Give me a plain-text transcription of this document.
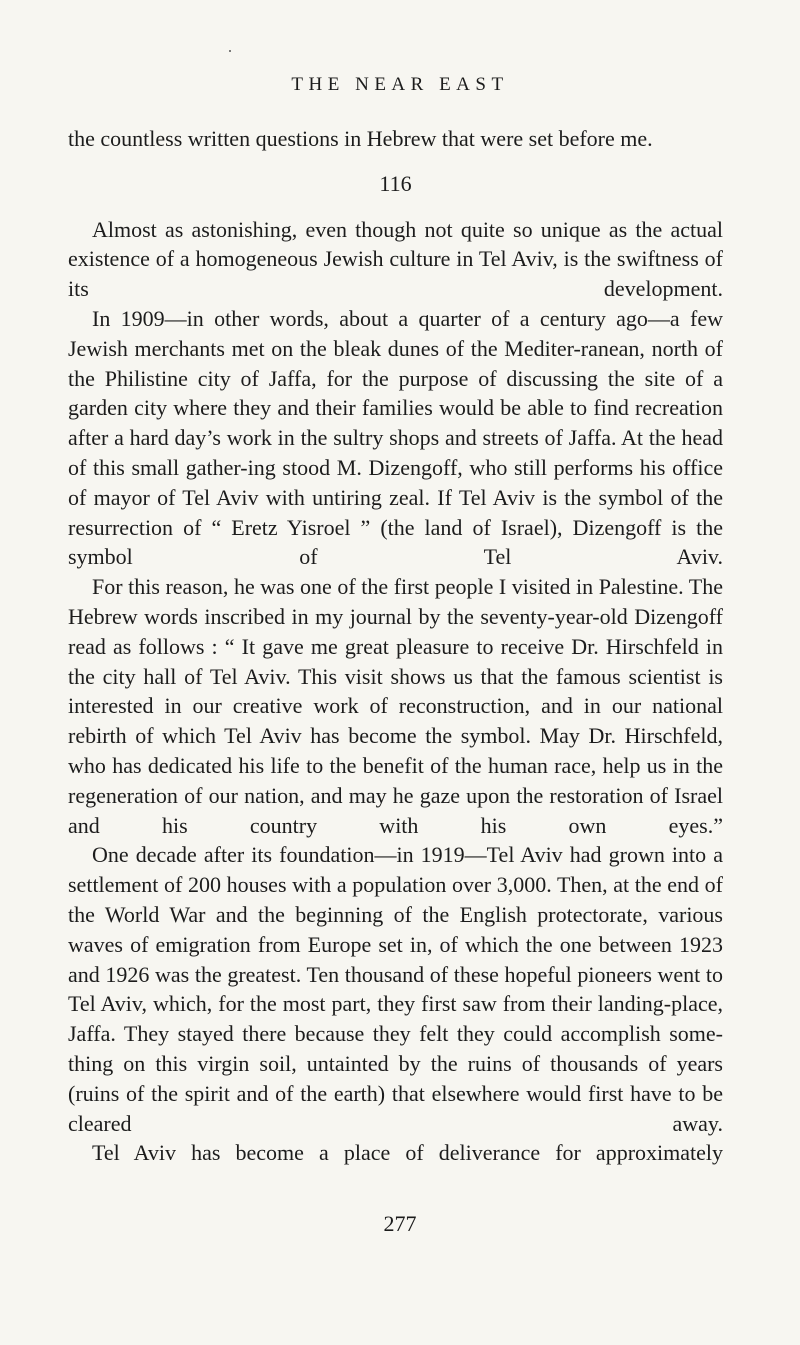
THE NEAR EAST

the countless written questions in Hebrew that were set before me.

116

Almost as astonishing, even though not quite so unique as the actual existence of a homogeneous Jewish culture in Tel Aviv, is the swiftness of its development.

In 1909—in other words, about a quarter of a century ago—a few Jewish merchants met on the bleak dunes of the Mediter-ranean, north of the Philistine city of Jaffa, for the purpose of discussing the site of a garden city where they and their families would be able to find recreation after a hard day’s work in the sultry shops and streets of Jaffa. At the head of this small gather-ing stood M. Dizengoff, who still performs his office of mayor of Tel Aviv with untiring zeal. If Tel Aviv is the symbol of the resurrection of “ Eretz Yisroel ” (the land of Israel), Dizengoff is the symbol of Tel Aviv.

For this reason, he was one of the first people I visited in Palestine. The Hebrew words inscribed in my journal by the seventy-year-old Dizengoff read as follows : “ It gave me great pleasure to receive Dr. Hirschfeld in the city hall of Tel Aviv. This visit shows us that the famous scientist is interested in our creative work of reconstruction, and in our national rebirth of which Tel Aviv has become the symbol. May Dr. Hirschfeld, who has dedicated his life to the benefit of the human race, help us in the regeneration of our nation, and may he gaze upon the restoration of Israel and his country with his own eyes.”

One decade after its foundation—in 1919—Tel Aviv had grown into a settlement of 200 houses with a population over 3,000. Then, at the end of the World War and the beginning of the English protectorate, various waves of emigration from Europe set in, of which the one between 1923 and 1926 was the greatest. Ten thousand of these hopeful pioneers went to Tel Aviv, which, for the most part, they first saw from their landing-place, Jaffa. They stayed there because they felt they could accomplish some-thing on this virgin soil, untainted by the ruins of thousands of years (ruins of the spirit and of the earth) that elsewhere would first have to be cleared away.

Tel Aviv has become a place of deliverance for approximately

277
